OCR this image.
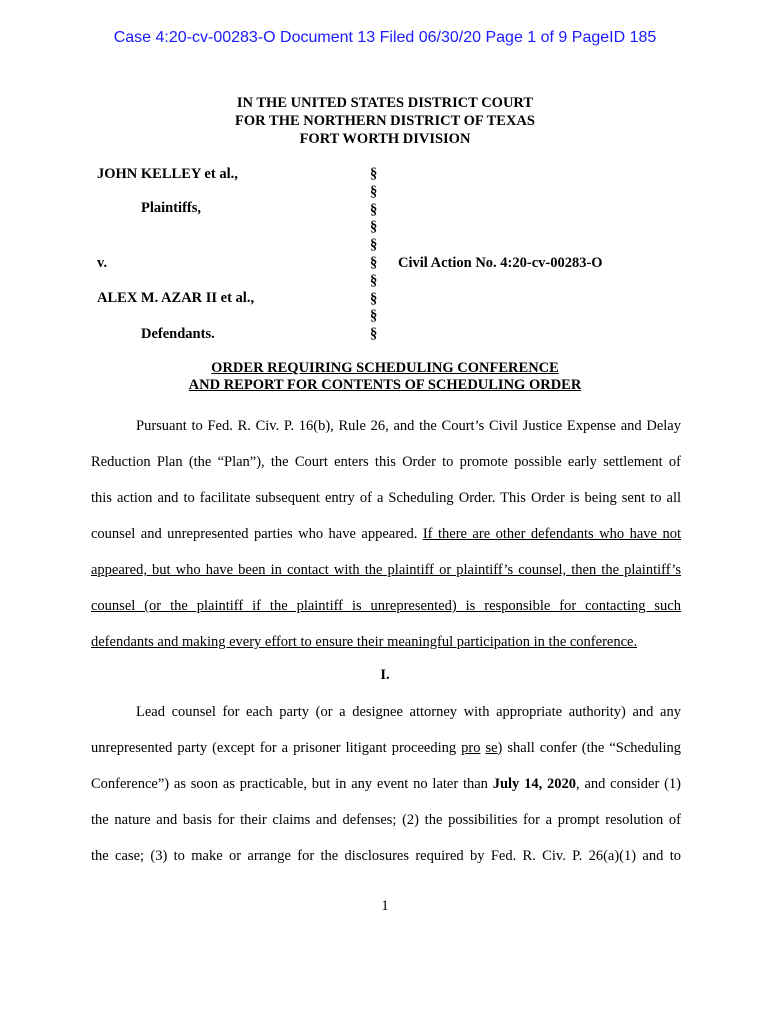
Case 4:20-cv-00283-O Document 13 Filed 06/30/20 Page 1 of 9 PageID 185
IN THE UNITED STATES DISTRICT COURT
FOR THE NORTHERN DISTRICT OF TEXAS
FORT WORTH DIVISION
JOHN KELLEY et al.,
Plaintiffs,
v.
ALEX M. AZAR II et al.,
Defendants.
§
§
§
§
§
§
§
§
§
§
Civil Action No. 4:20-cv-00283-O
ORDER REQUIRING SCHEDULING CONFERENCE
AND REPORT FOR CONTENTS OF SCHEDULING ORDER
Pursuant to Fed. R. Civ. P. 16(b), Rule 26, and the Court’s Civil Justice Expense and Delay
Reduction Plan (the “Plan”), the Court enters this Order to promote possible early settlement of
this action and to facilitate subsequent entry of a Scheduling Order. This Order is being sent to all
counsel and unrepresented parties who have appeared. If there are other defendants who have not
appeared, but who have been in contact with the plaintiff or plaintiff’s counsel, then the plaintiff’s
counsel (or the plaintiff if the plaintiff is unrepresented) is responsible for contacting such
defendants and making every effort to ensure their meaningful participation in the conference.
I.
Lead counsel for each party (or a designee attorney with appropriate authority) and any
unrepresented party (except for a prisoner litigant proceeding pro se) shall confer (the “Scheduling
Conference”) as soon as practicable, but in any event no later than July 14, 2020, and consider (1)
the nature and basis for their claims and defenses; (2) the possibilities for a prompt resolution of
the case; (3) to make or arrange for the disclosures required by Fed. R. Civ. P. 26(a)(1) and to
1
